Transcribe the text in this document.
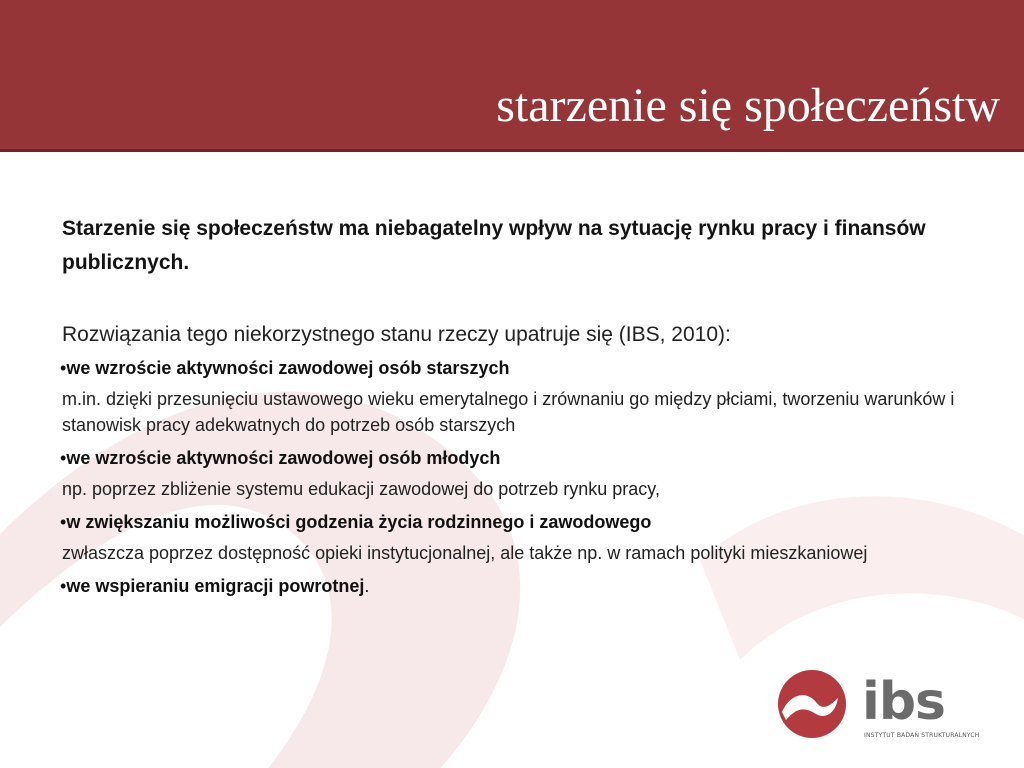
starzenie się społeczeństw

Starzenie się społeczeństw ma niebagatelny wpływ na sytuację rynku pracy i finansów publicznych.

Rozwiązania tego niekorzystnego stanu rzeczy upatruje się (IBS, 2010):

•we wzroście aktywności zawodowej osób starszych

m.in. dzięki przesunięciu ustawowego wieku emerytalnego i zrównaniu go między płciami, tworzeniu warunków i stanowisk pracy adekwatnych do potrzeb osób starszych

•we wzroście aktywności zawodowej osób młodych

np. poprzez zbliżenie systemu edukacji zawodowej do potrzeb rynku pracy,

•w zwiększaniu możliwości godzenia życia rodzinnego i zawodowego

zwłaszcza poprzez dostępność opieki instytucjonalnej, ale także np. w ramach polityki mieszkaniowej

•we wspieraniu emigracji powrotnej.

ibs
INSTYTUT BADAŃ STRUKTURALNYCH
